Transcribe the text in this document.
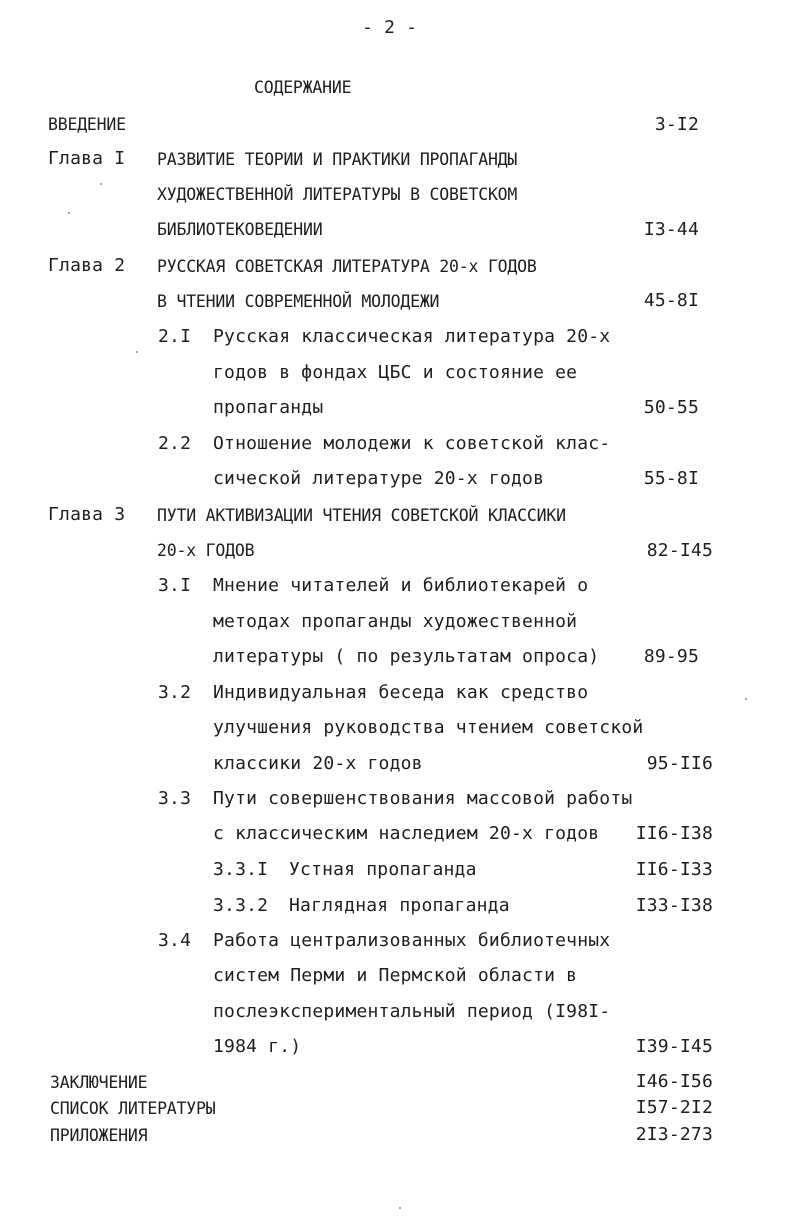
- 2 -
СОДЕРЖАНИЕ
ВВЕДЕНИЕ	3-I2
Глава I РАЗВИТИЕ ТЕОРИИ И ПРАКТИКИ ПРОПАГАНДЫ
ХУДОЖЕСТВЕННОЙ ЛИТЕРАТУРЫ В СОВЕТСКОМ
БИБЛИОТЕКОВЕДЕНИИ	I3-44
Глава 2 РУССКАЯ СОВЕТСКАЯ ЛИТЕРАТУРА 20-х ГОДОВ
В ЧТЕНИИ СОВРЕМЕННОЙ МОЛОДЕЖИ	45-8I
2.I Русская классическая литература 20-х
годов в фондах ЦБС и состояние ее
пропаганды	50-55
2.2 Отношение молодежи к советской клас-
сической литературе 20-х годов	55-8I
Глава 3 ПУТИ АКТИВИЗАЦИИ ЧТЕНИЯ СОВЕТСКОЙ КЛАССИКИ
20-х ГОДОВ	82-I45
3.I Мнение читателей и библиотекарей о
методах пропаганды художественной
литературы ( по результатам опроса) 89-95
3.2 Индивидуальная беседа как средство
улучшения руководства чтением советской
классики 20-х годов	95-II6
3.3 Пути совершенствования массовой работы
с классическим наследием 20-х годов II6-I38
3.3.I Устная пропаганда	II6-I33
3.3.2 Наглядная пропаганда	I33-I38
3.4 Работа централизованных библиотечных
систем Перми и Пермской области в
послеэкспериментальный период (I98I-
1984 г.)	I39-I45
ЗАКЛЮЧЕНИЕ	I46-I56
СПИСОК ЛИТЕРАТУРЫ	I57-2I2
ПРИЛОЖЕНИЯ	2I3-273
